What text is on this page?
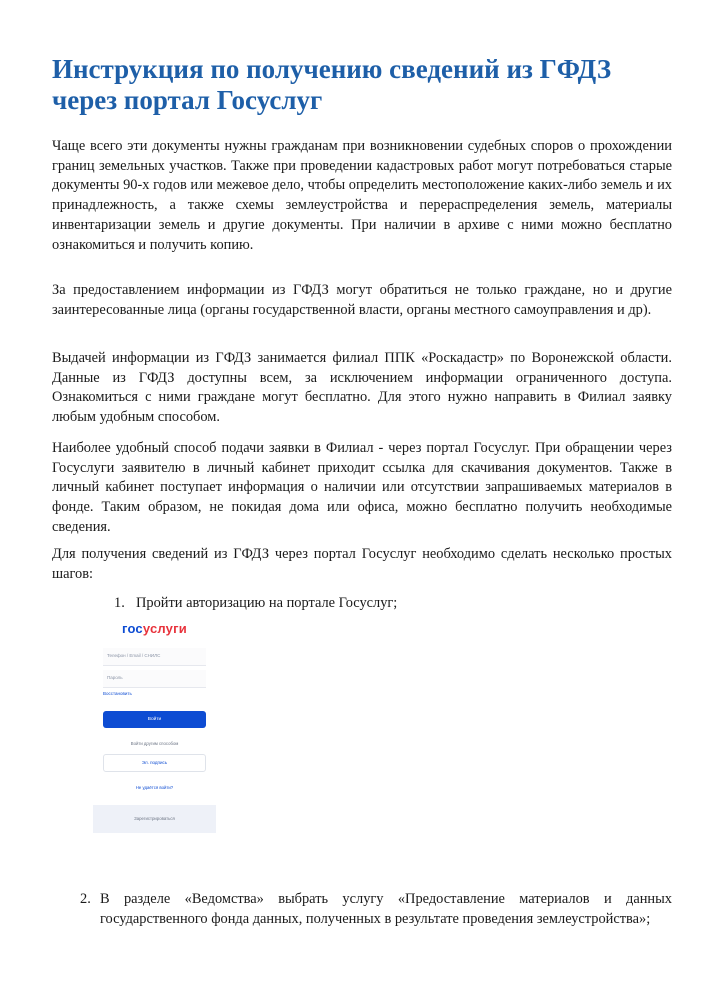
Инструкция по получению сведений из ГФДЗ
через портал Госуслуг

Чаще всего эти документы нужны гражданам при возникновении судебных споров о прохождении границ земельных участков. Также при проведении кадастровых работ могут потребоваться старые документы 90-х годов или межевое дело, чтобы определить местоположение каких-либо земель и их принадлежность, а также схемы землеустройства и перераспределения земель, материалы инвентаризации земель и другие документы. При наличии в архиве с ними можно бесплатно ознакомиться и получить копию.

За предоставлением информации из ГФДЗ могут обратиться не только граждане, но и другие заинтересованные лица (органы государственной власти, органы местного самоуправления и др).

Выдачей информации из ГФДЗ занимается филиал ППК «Роскадастр» по Воронежской области. Данные из ГФДЗ доступны всем, за исключением информации ограниченного доступа. Ознакомиться с ними граждане могут бесплатно. Для этого нужно направить в Филиал заявку любым удобным способом.

Наиболее удобный способ подачи заявки в Филиал - через портал Госуслуг. При обращении через Госуслуги заявителю в личный кабинет приходит ссылка для скачивания документов. Также в личный кабинет поступает информация о наличии или отсутствии запрашиваемых материалов в фонде. Таким образом, не покидая дома или офиса, можно бесплатно получить необходимые сведения.

Для получения сведений из ГФДЗ через портал Госуслуг необходимо сделать несколько простых шагов:

1. Пройти авторизацию на портале Госуслуг;

госуслуги
Телефон / Email / СНИЛС
Пароль
Восстановить
Войти
Войти другим способом
Эл. подпись
Не удаётся войти?
Зарегистрироваться

2. В разделе «Ведомства» выбрать услугу «Предоставление материалов и данных государственного фонда данных, полученных в результате проведения землеустройства»;
